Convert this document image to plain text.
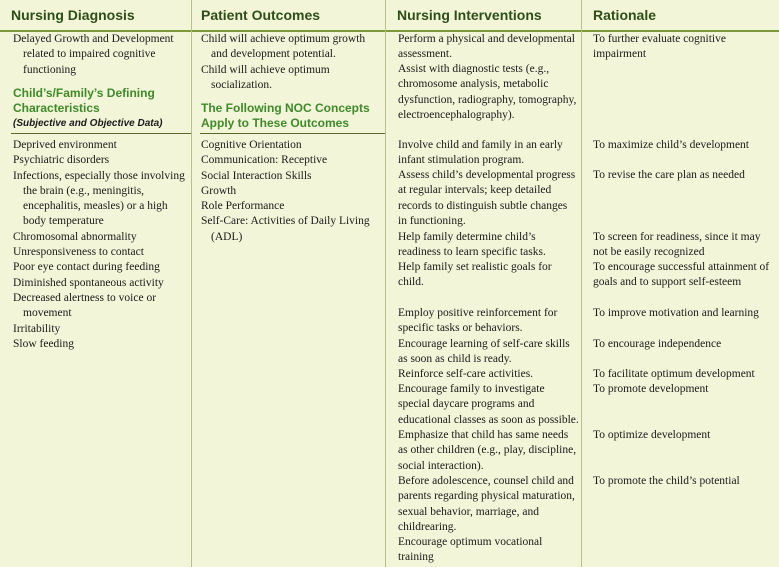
Nursing Diagnosis
Delayed Growth and Development related to impaired cognitive functioning
Child’s/Family’s Defining Characteristics
(Subjective and Objective Data)
Deprived environment
Psychiatric disorders
Infections, especially those involving the brain (e.g., meningitis, encephalitis, measles) or a high body temperature
Chromosomal abnormality
Unresponsiveness to contact
Poor eye contact during feeding
Diminished spontaneous activity
Decreased alertness to voice or movement
Irritability
Slow feeding
Patient Outcomes
Child will achieve optimum growth and development potential.
Child will achieve optimum socialization.
The Following NOC Concepts Apply to These Outcomes
Cognitive Orientation
Communication: Receptive
Social Interaction Skills
Growth
Role Performance
Self-Care: Activities of Daily Living (ADL)
Nursing Interventions
Perform a physical and developmental assessment.
Assist with diagnostic tests (e.g., chromosome analysis, metabolic dysfunction, radiography, tomography, electroencephalography).
Involve child and family in an early infant stimulation program.
Assess child’s developmental progress at regular intervals; keep detailed records to distinguish subtle changes in functioning.
Help family determine child’s readiness to learn specific tasks.
Help family set realistic goals for child.
Employ positive reinforcement for specific tasks or behaviors.
Encourage learning of self-care skills as soon as child is ready.
Reinforce self-care activities.
Encourage family to investigate special daycare programs and educational classes as soon as possible.
Emphasize that child has same needs as other children (e.g., play, discipline, social interaction).
Before adolescence, counsel child and parents regarding physical maturation, sexual behavior, marriage, and childrearing.
Encourage optimum vocational training
Rationale
To further evaluate cognitive impairment
To maximize child’s development
To revise the care plan as needed
To screen for readiness, since it may not be easily recognized
To encourage successful attainment of goals and to support self-esteem
To improve motivation and learning
To encourage independence
To facilitate optimum development
To promote development
To optimize development
To promote the child’s potential
